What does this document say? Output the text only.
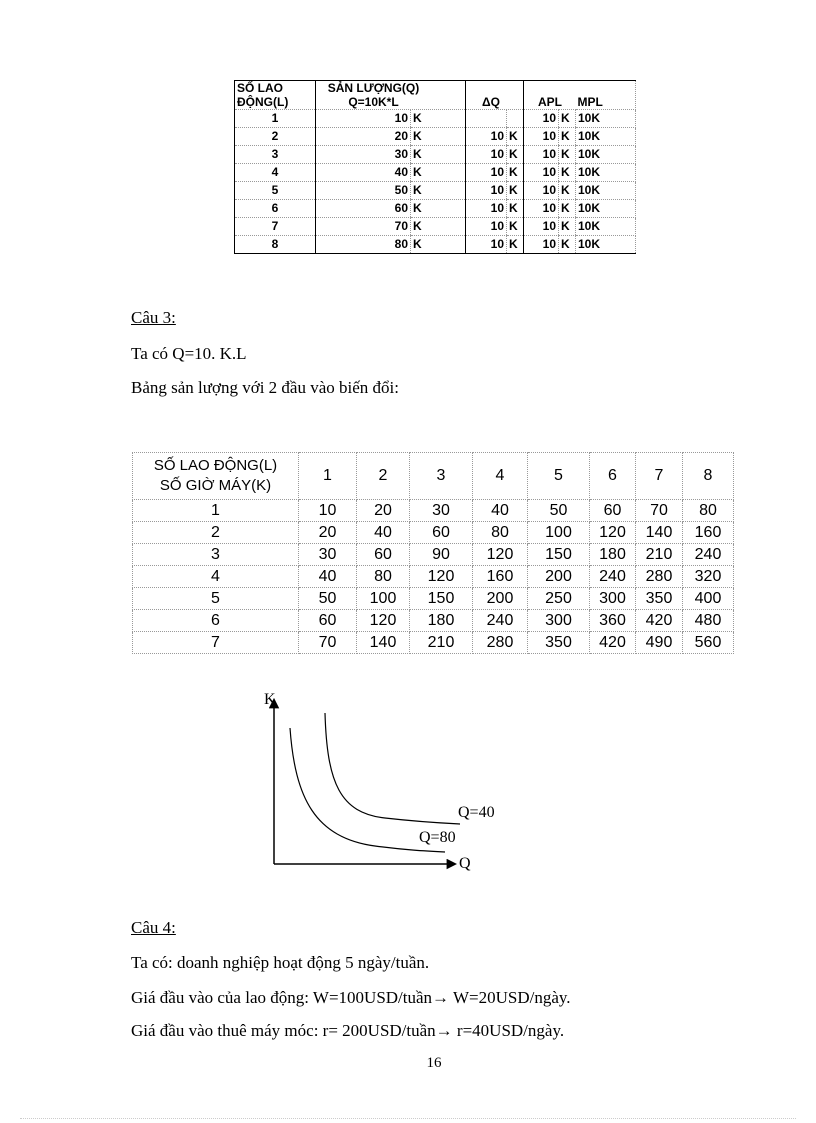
SỐ LAO
ĐỘNG(L)	SẢN LƯỢNG(Q)
Q=10K*L		ΔQ		APL		MPL
1	10	K			10	K	10K
2	20	K	10	K	10	K	10K
3	30	K	10	K	10	K	10K
4	40	K	10	K	10	K	10K
5	50	K	10	K	10	K	10K
6	60	K	10	K	10	K	10K
7	70	K	10	K	10	K	10K
8	80	K	10	K	10	K	10K
Câu 3:
Ta có Q=10. K.L
Bảng sản lượng với 2 đầu vào biến đổi:
SỐ LAO ĐỘNG(L)
SỐ GIỜ MÁY(K)	1	2	3	4	5	6	7	8
1	10	20	30	40	50	60	70	80
2	20	40	60	80	100	120	140	160
3	30	60	90	120	150	180	210	240
4	40	80	120	160	200	240	280	320
5	50	100	150	200	250	300	350	400
6	60	120	180	240	300	360	420	480
7	70	140	210	280	350	420	490	560
K
Q
Q=40
Q=80
Câu 4:
Ta có: doanh nghiệp hoạt động 5 ngày/tuần.
Giá đầu vào của lao động: W=100USD/tuần→ W=20USD/ngày.
Giá đầu vào thuê máy móc: r= 200USD/tuần→ r=40USD/ngày.
16
